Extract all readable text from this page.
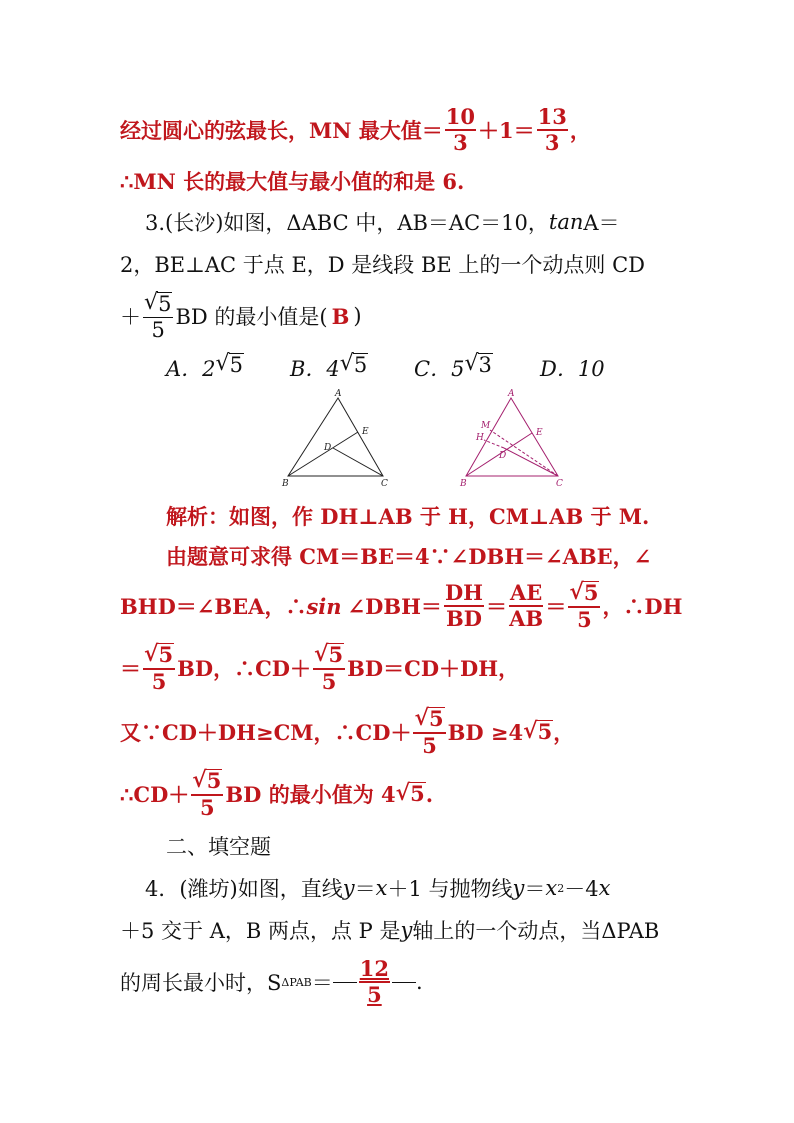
经过圆心的弦最长，MN 最大值＝ $\frac{10}{3} +1= \frac{13}{3}$ ，
∴MN 长的最大值与最小值的和是 6.
3.(长沙)如图，ΔABC 中，AB＝AC＝10， tan A＝
2，BE⊥AC 于点 E，D 是线段 BE 上的一个动点则 CD
＋ $\frac{√ 5}{5}$ BD 的最小值是( B )
A．2 √ 5 B．4 √ 5 C．5 √ 3 D．10
A
B	C
D
E
A
B	C
D
E
H
M
解析：如图，作 DH⊥AB 于 H，CM⊥AB 于 M.
由题意可求得 CM＝BE＝4∵∠DBH＝∠ABE，∠
BHD＝∠BEA，∴ sin ∠DBH＝ $\frac{DH}{BD} = \frac{AE}{AB} = \frac{√ 5}{5}$ ，∴DH
＝ $\frac{√ 5}{5}$ BD，∴CD＋ $\frac{√ 5}{5} BD=CD+DH$，
又∵CD＋DH≥CM，∴CD＋ $\frac{√ 5}{5}$ BD ≥4 √ 5 ，
∴CD＋ $\frac{√ 5}{5}$ BD 的最小值为 4 √ 5 .
二、填空题
4．(潍坊)如图，直线 y ＝ x ＋1 与抛物线 y ＝ x 2 －4 x
＋5 交于 A，B 两点，点 P 是 y 轴上的一个动点，当ΔPAB
的周长最小时，S $\Delta PAB = \frac{12}{5}$ .
